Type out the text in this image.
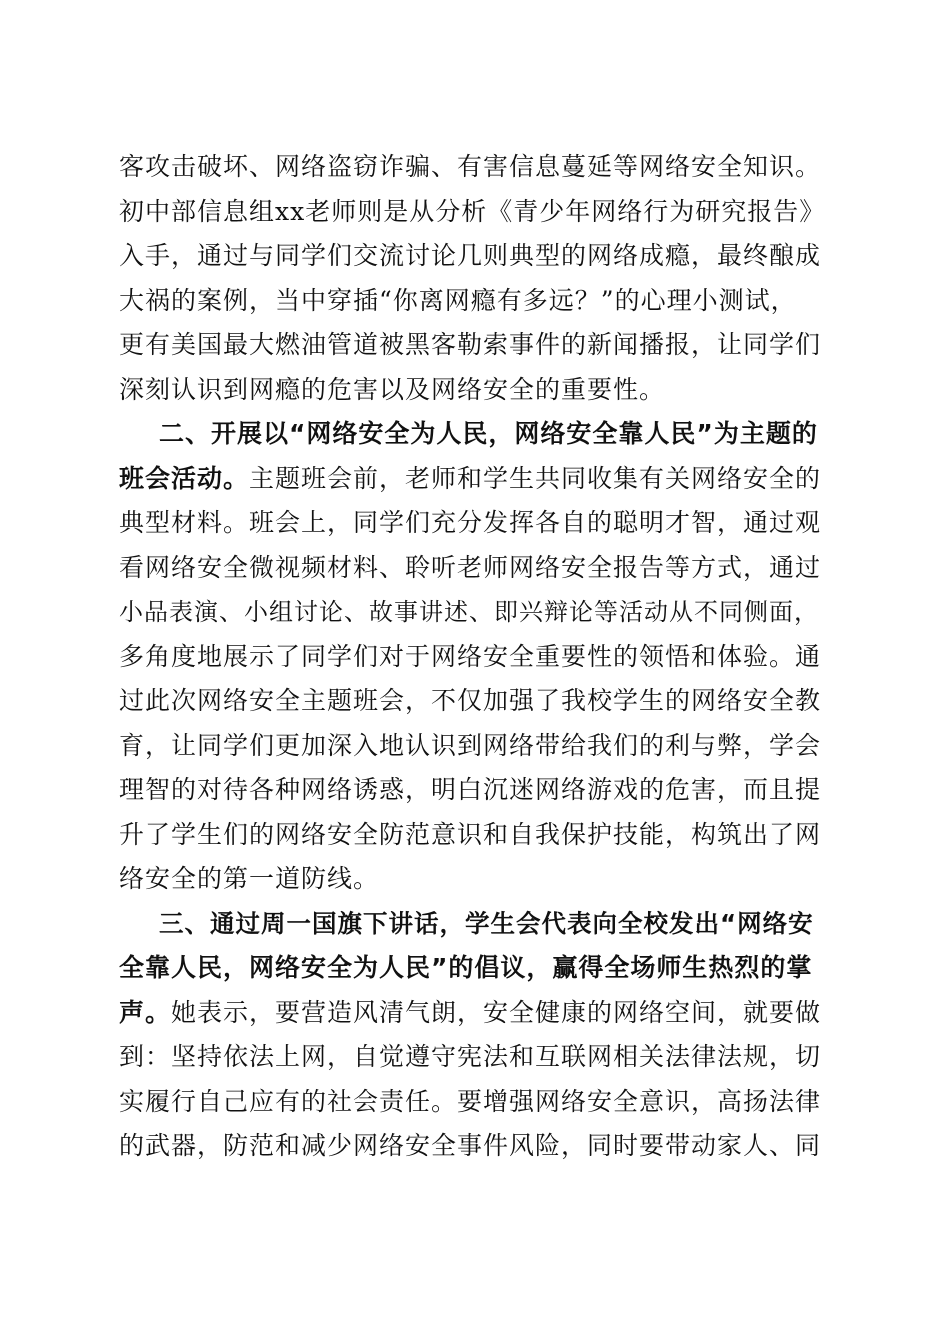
客攻击破坏、网络盗窃诈骗、有害信息蔓延等网络安全知识。
初中部信息组xx老师则是从分析《青少年网络行为研究报告》
入手，通过与同学们交流讨论几则典型的网络成瘾，最终酿成
大祸的案例，当中穿插“你离网瘾有多远？”的心理小测试，
更有美国最大燃油管道被黑客勒索事件的新闻播报，让同学们
深刻认识到网瘾的危害以及网络安全的重要性。
二、开展以“网络安全为人民，网络安全靠人民”为主题的
班会活动。主题班会前，老师和学生共同收集有关网络安全的
典型材料。班会上，同学们充分发挥各自的聪明才智，通过观
看网络安全微视频材料、聆听老师网络安全报告等方式，通过
小品表演、小组讨论、故事讲述、即兴辩论等活动从不同侧面，
多角度地展示了同学们对于网络安全重要性的领悟和体验。通
过此次网络安全主题班会，不仅加强了我校学生的网络安全教
育，让同学们更加深入地认识到网络带给我们的利与弊，学会
理智的对待各种网络诱惑，明白沉迷网络游戏的危害，而且提
升了学生们的网络安全防范意识和自我保护技能，构筑出了网
络安全的第一道防线。
三、通过周一国旗下讲话，学生会代表向全校发出“网络安
全靠人民，网络安全为人民”的倡议，赢得全场师生热烈的掌
声。她表示，要营造风清气朗，安全健康的网络空间，就要做
到：坚持依法上网，自觉遵守宪法和互联网相关法律法规，切
实履行自己应有的社会责任。要增强网络安全意识，高扬法律
的武器，防范和减少网络安全事件风险，同时要带动家人、同
